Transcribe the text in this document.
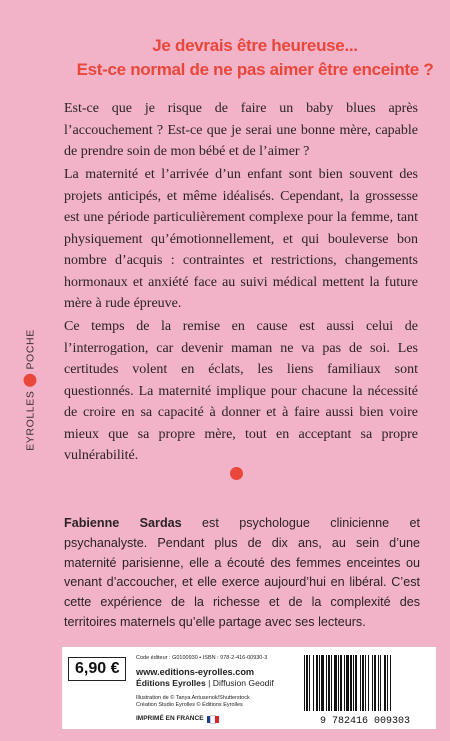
Je devrais être heureuse...
Est-ce normal de ne pas aimer être enceinte ?
Est-ce que je risque de faire un baby blues après l’accouchement ? Est-ce que je serai une bonne mère, capable de prendre soin de mon bébé et de l’aimer ?
La maternité et l’arrivée d’un enfant sont bien souvent des projets anticipés, et même idéalisés. Cependant, la grossesse est une période particulièrement complexe pour la femme, tant physiquement qu’émotionnellement, et qui bouleverse bon nombre d’acquis : contraintes et restrictions, changements hormonaux et anxiété face au suivi médical mettent la future mère à rude épreuve.
Ce temps de la remise en cause est aussi celui de l’interrogation, car devenir maman ne va pas de soi. Les certitudes volent en éclats, les liens familiaux sont questionnés. La maternité implique pour chacune la nécessité de croire en sa capacité à donner et à faire aussi bien voire mieux que sa propre mère, tout en acceptant sa propre vulnérabilité.
EYROLLES
POCHE
Fabienne Sardas est psychologue clinicienne et psychanalyste. Pendant plus de dix ans, au sein d’une maternité parisienne, elle a écouté des femmes enceintes ou venant d’accoucher, et elle exerce aujourd’hui en libéral. C’est cette expérience de la richesse et de la complexité des territoires maternels qu’elle partage avec ses lecteurs.
6,90 €
Code éditeur : G0100930 • ISBN : 978-2-416-00930-3
www.editions-eyrolles.com
Éditions Eyrolles | Diffusion Geodif
Illustration de © Tanya Antusenok/Shutterstock
Création Studio Eyrolles © Éditions Eyrolles
IMPRIMÉ EN FRANCE	9 782416 009303
